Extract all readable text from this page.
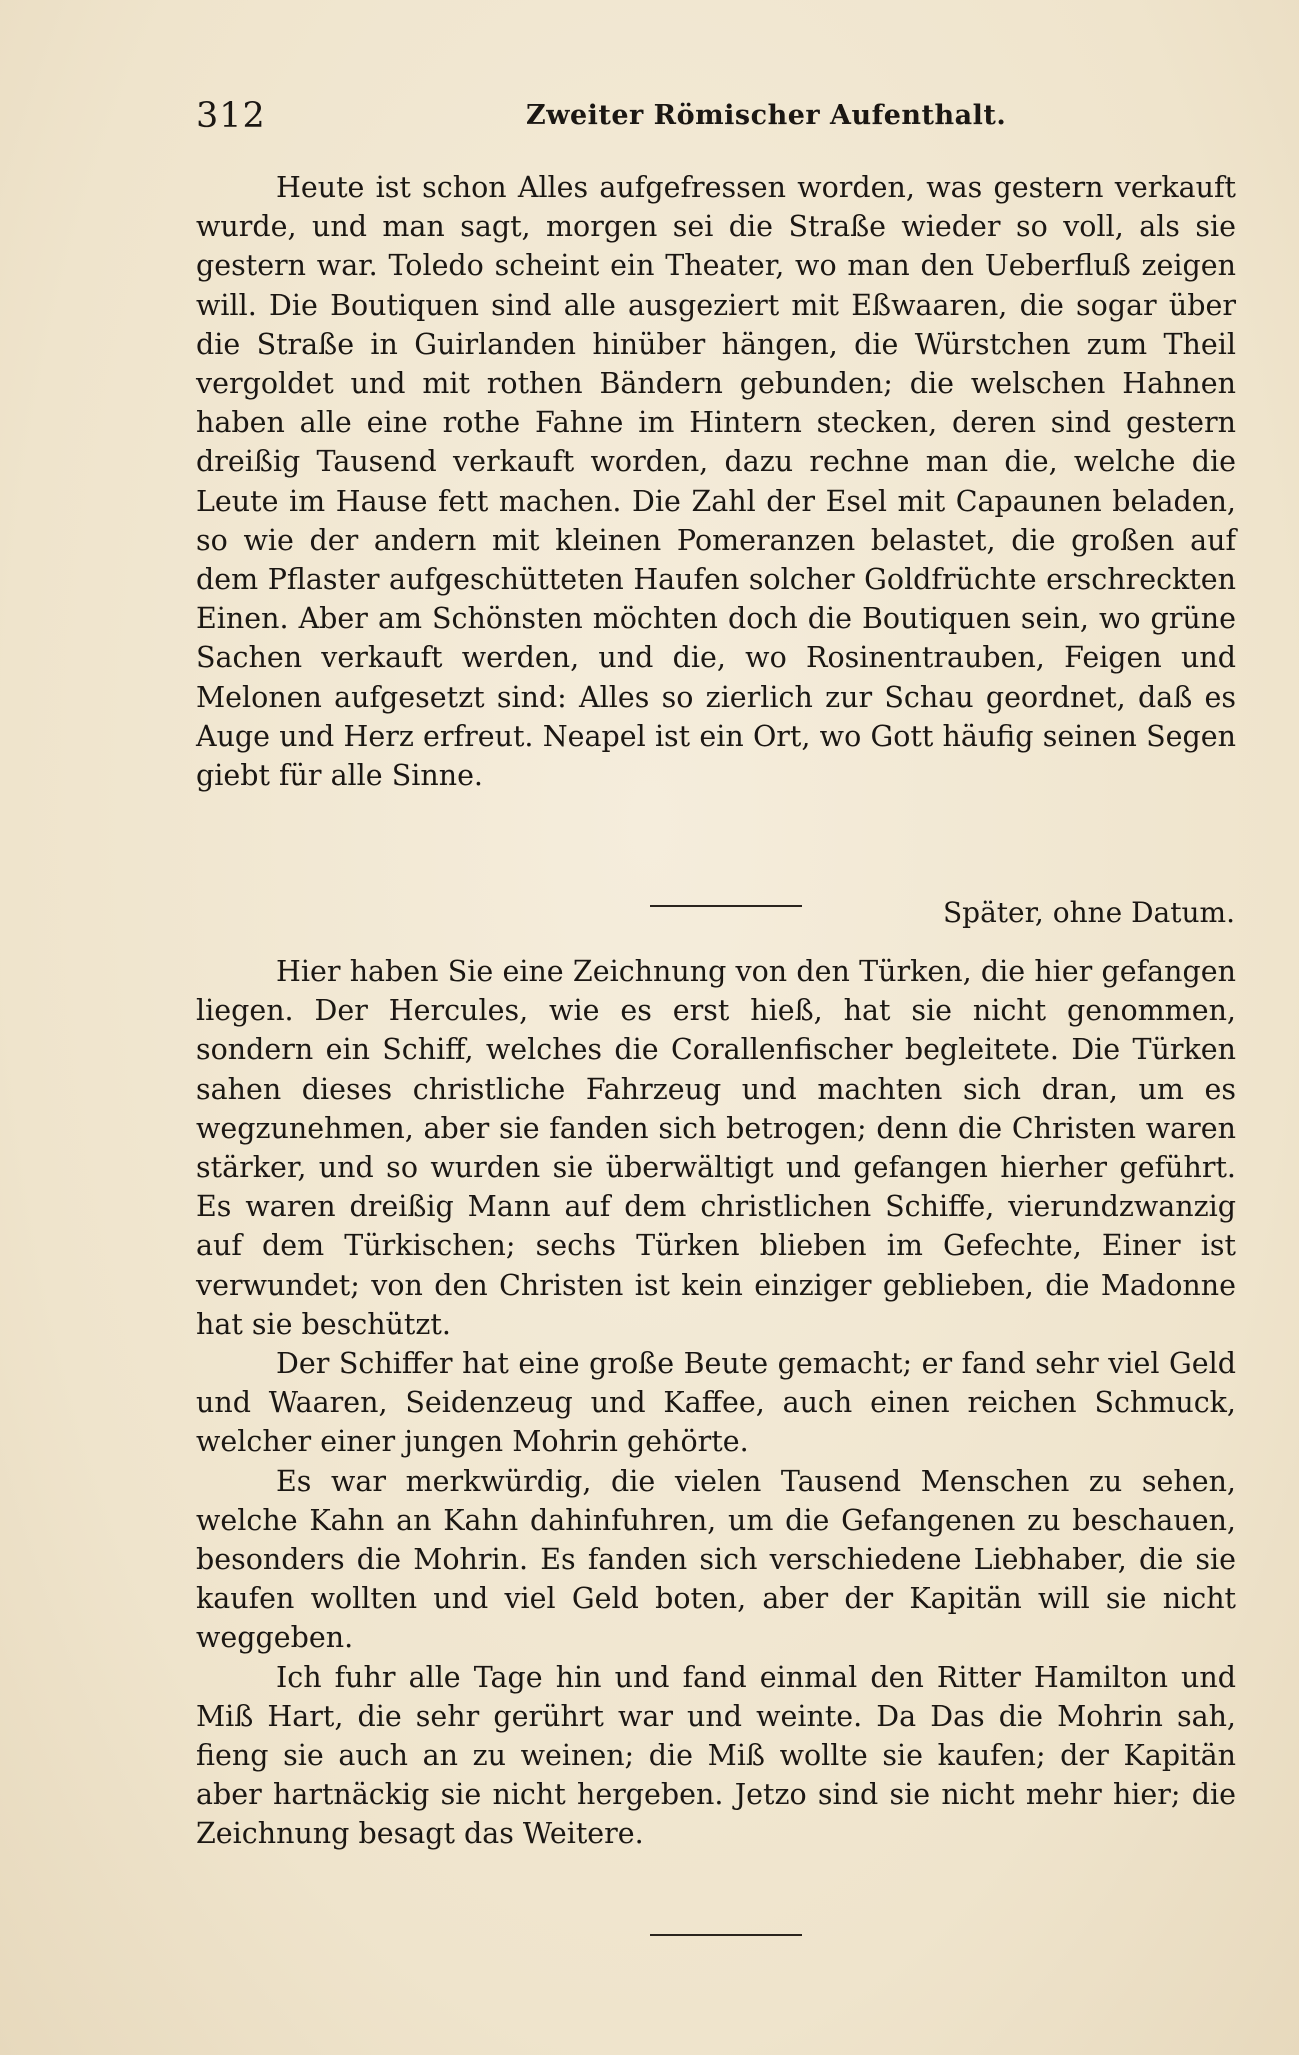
312	Zweiter Römischer Aufenthalt.

Heute ist schon Alles aufgefressen worden, was gestern verkauft wurde, und man sagt, morgen sei die Straße wieder so voll, als sie gestern war. Toledo scheint ein Theater, wo man den Ueberfluß zeigen will. Die Boutiquen sind alle ausgeziert mit Eßwaaren, die sogar über die Straße in Guirlanden hinüber hängen, die Würstchen zum Theil vergoldet und mit rothen Bändern gebunden; die welschen Hahnen haben alle eine rothe Fahne im Hintern stecken, deren sind gestern dreißig Tausend verkauft worden, dazu rechne man die, welche die Leute im Hause fett machen. Die Zahl der Esel mit Capaunen beladen, so wie der andern mit kleinen Pomeranzen belastet, die großen auf dem Pflaster aufgeschütteten Haufen solcher Goldfrüchte erschreckten Einen. Aber am Schönsten möchten doch die Boutiquen sein, wo grüne Sachen verkauft werden, und die, wo Rosinentrauben, Feigen und Melonen aufgesetzt sind: Alles so zierlich zur Schau geordnet, daß es Auge und Herz erfreut. Neapel ist ein Ort, wo Gott häufig seinen Segen giebt für alle Sinne.

Später, ohne Datum.

Hier haben Sie eine Zeichnung von den Türken, die hier gefangen liegen. Der Hercules, wie es erst hieß, hat sie nicht genommen, sondern ein Schiff, welches die Corallenfischer begleitete. Die Türken sahen dieses christliche Fahrzeug und machten sich dran, um es wegzunehmen, aber sie fanden sich betrogen; denn die Christen waren stärker, und so wurden sie überwältigt und gefangen hierher geführt. Es waren dreißig Mann auf dem christlichen Schiffe, vierundzwanzig auf dem Türkischen; sechs Türken blieben im Gefechte, Einer ist verwundet; von den Christen ist kein einziger geblieben, die Madonne hat sie beschützt.

Der Schiffer hat eine große Beute gemacht; er fand sehr viel Geld und Waaren, Seidenzeug und Kaffee, auch einen reichen Schmuck, welcher einer jungen Mohrin gehörte.

Es war merkwürdig, die vielen Tausend Menschen zu sehen, welche Kahn an Kahn dahinfuhren, um die Gefangenen zu beschauen, besonders die Mohrin. Es fanden sich verschiedene Liebhaber, die sie kaufen wollten und viel Geld boten, aber der Kapitän will sie nicht weggeben.

Ich fuhr alle Tage hin und fand einmal den Ritter Hamilton und Miß Hart, die sehr gerührt war und weinte. Da Das die Mohrin sah, fieng sie auch an zu weinen; die Miß wollte sie kaufen; der Kapitän aber hartnäckig sie nicht hergeben. Jetzo sind sie nicht mehr hier; die Zeichnung besagt das Weitere.
